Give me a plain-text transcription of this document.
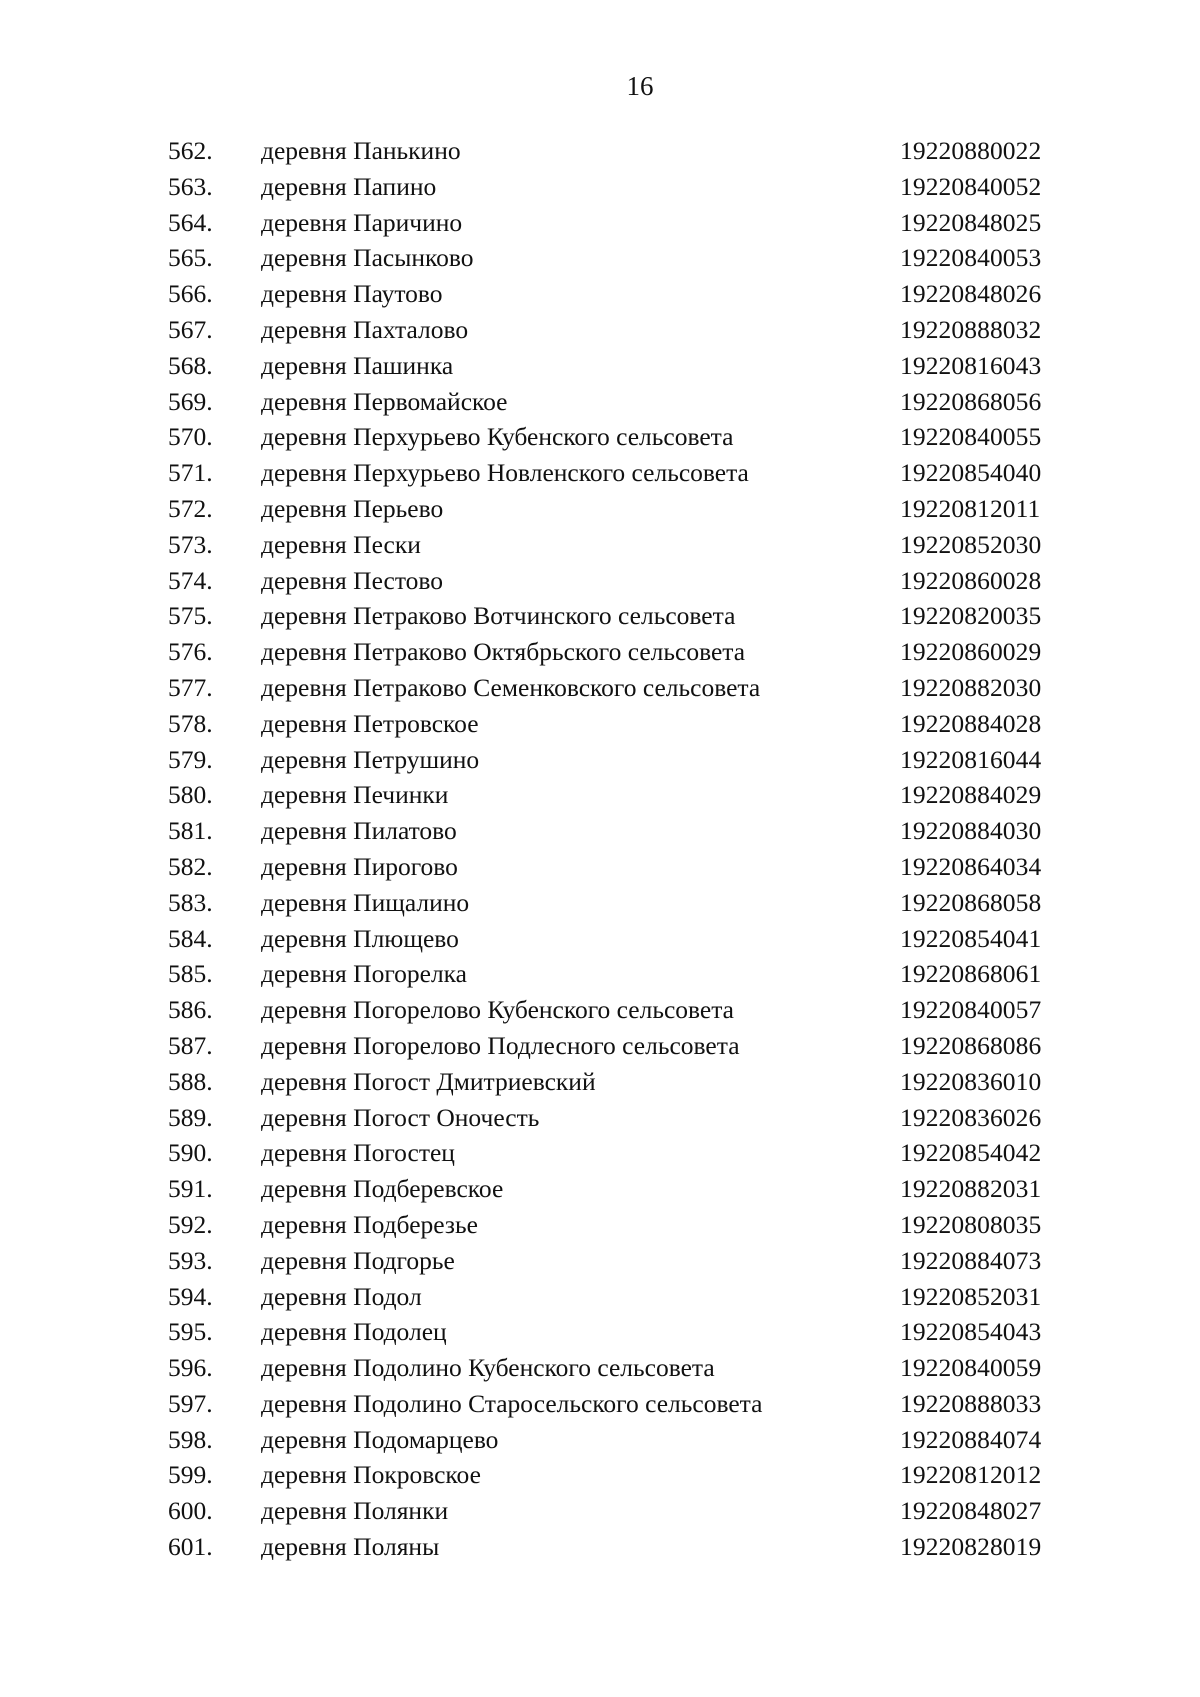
16
562. деревня Панькино	19220880022
563. деревня Папино	19220840052
564. деревня Паричино	19220848025
565. деревня Пасынково	19220840053
566. деревня Паутово	19220848026
567. деревня Пахталово	19220888032
568. деревня Пашинка	19220816043
569. деревня Первомайское	19220868056
570. деревня Перхурьево Кубенского сельсовета	19220840055
571. деревня Перхурьево Новленского сельсовета	19220854040
572. деревня Перьево	19220812011
573. деревня Пески	19220852030
574. деревня Пестово	19220860028
575. деревня Петраково Вотчинского сельсовета	19220820035
576. деревня Петраково Октябрьского сельсовета	19220860029
577. деревня Петраково Семенковского сельсовета	19220882030
578. деревня Петровское	19220884028
579. деревня Петрушино	19220816044
580. деревня Печинки	19220884029
581. деревня Пилатово	19220884030
582. деревня Пирогово	19220864034
583. деревня Пищалино	19220868058
584. деревня Плющево	19220854041
585. деревня Погорелка	19220868061
586. деревня Погорелово Кубенского сельсовета	19220840057
587. деревня Погорелово Подлесного сельсовета	19220868086
588. деревня Погост Дмитриевский	19220836010
589. деревня Погост Оночесть	19220836026
590. деревня Погостец	19220854042
591. деревня Подберевское	19220882031
592. деревня Подберезье	19220808035
593. деревня Подгорье	19220884073
594. деревня Подол	19220852031
595. деревня Подолец	19220854043
596. деревня Подолино Кубенского сельсовета	19220840059
597. деревня Подолино Старосельского сельсовета	19220888033
598. деревня Подомарцево	19220884074
599. деревня Покровское	19220812012
600. деревня Полянки	19220848027
601. деревня Поляны	19220828019
